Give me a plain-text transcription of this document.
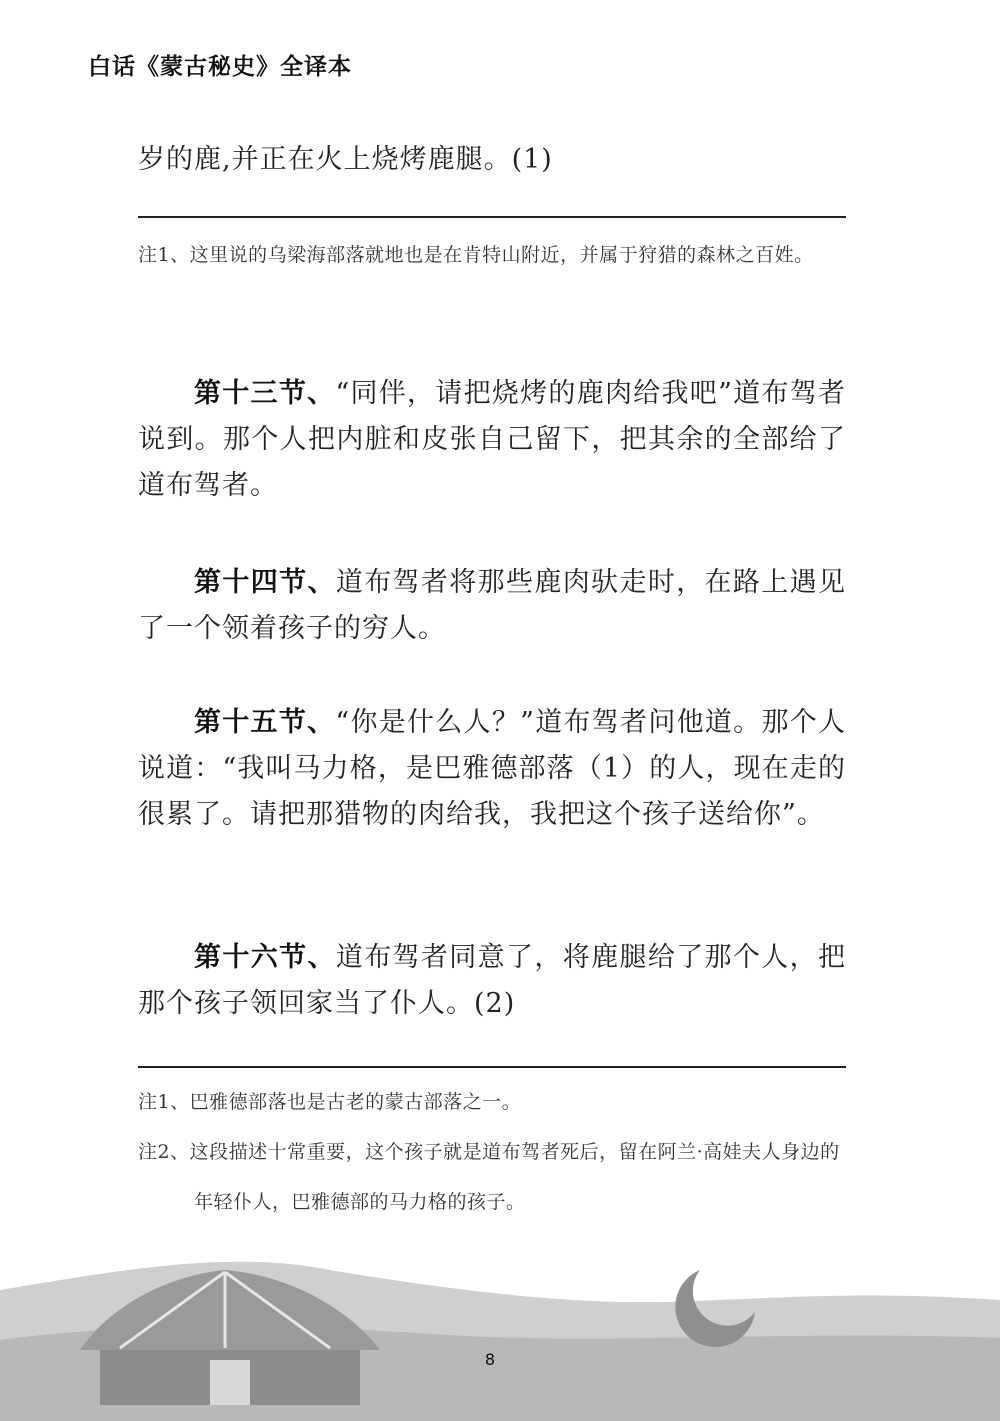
白话《蒙古秘史》全译本

岁的鹿,并正在火上烧烤鹿腿。(1)

注1、这里说的乌梁海部落就地也是在肯特山附近，并属于狩猎的森林之百姓。

第十三节、“同伴，请把烧烤的鹿肉给我吧”道布驾者说到。那个人把内脏和皮张自己留下，把其余的全部给了道布驾者。

第十四节、道布驾者将那些鹿肉驮走时，在路上遇见了一个领着孩子的穷人。

第十五节、“你是什么人？”道布驾者问他道。那个人说道：“我叫马力格，是巴雅德部落（1）的人，现在走的很累了。请把那猎物的肉给我，我把这个孩子送给你”。

第十六节、道布驾者同意了，将鹿腿给了那个人，把那个孩子领回家当了仆人。(2)

注1、巴雅德部落也是古老的蒙古部落之一。

注2、这段描述十常重要，这个孩子就是道布驾者死后，留在阿兰·高娃夫人身边的年轻仆人，巴雅德部的马力格的孩子。

8
